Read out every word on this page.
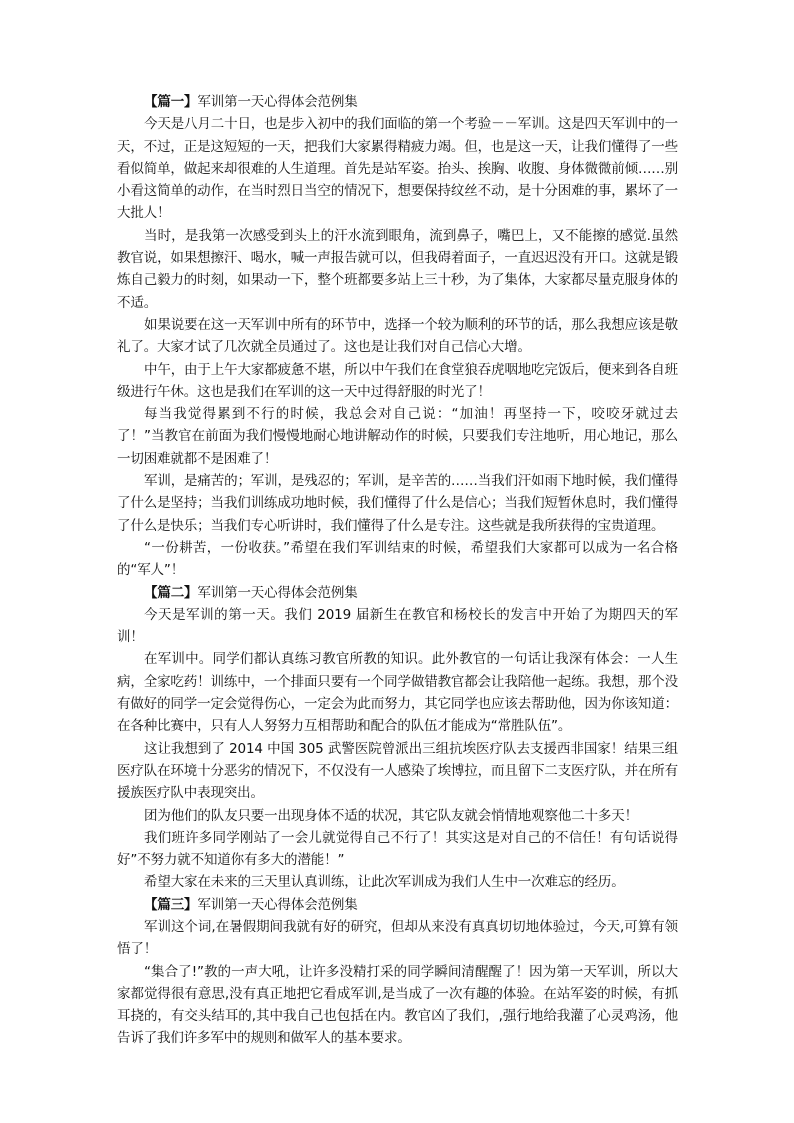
【篇一】军训第一天心得体会范例集

今天是八月二十日，也是步入初中的我们面临的第一个考验－－军训。这是四天军训中的一天，不过，正是这短短的一天，把我们大家累得精疲力竭。但，也是这一天，让我们懂得了一些看似简单，做起来却很难的人生道理。首先是站军姿。抬头、挨胸、收腹、身体微微前倾……别小看这简单的动作，在当时烈日当空的情况下，想要保持纹丝不动，是十分困难的事，累坏了一大批人！

当时，是我第一次感受到头上的汗水流到眼角，流到鼻子，嘴巴上，又不能擦的感觉.虽然教官说，如果想擦汗、喝水，喊一声报告就可以，但我碍着面子，一直迟迟没有开口。这就是锻炼自己毅力的时刻，如果动一下，整个班都要多站上三十秒，为了集体，大家都尽量克服身体的不适。

如果说要在这一天军训中所有的环节中，选择一个较为顺利的环节的话，那么我想应该是敬礼了。大家才试了几次就全员通过了。这也是让我们对自己信心大增。

中午，由于上午大家都疲惫不堪，所以中午我们在食堂狼吞虎咽地吃完饭后，便来到各自班级进行午休。这也是我们在军训的这一天中过得舒服的时光了！

每当我觉得累到不行的时候，我总会对自己说：“加油！再坚持一下，咬咬牙就过去了！”当教官在前面为我们慢慢地耐心地讲解动作的时候，只要我们专注地听，用心地记，那么一切困难就都不是困难了！

军训，是痛苦的；军训，是残忍的；军训，是辛苦的……当我们汗如雨下地时候，我们懂得了什么是坚持；当我们训练成功地时候，我们懂得了什么是信心；当我们短暂休息时，我们懂得了什么是快乐；当我们专心听讲时，我们懂得了什么是专注。这些就是我所获得的宝贵道理。

“一份耕苦，一份收获。”希望在我们军训结束的时候，希望我们大家都可以成为一名合格的“军人”！

【篇二】军训第一天心得体会范例集

今天是军训的第一天。我们 2019 届新生在教官和杨校长的发言中开始了为期四天的军训！

在军训中。同学们都认真练习教官所教的知识。此外教官的一句话让我深有体会：一人生病，全家吃药！训练中，一个排面只要有一个同学做错教官都会让我陪他一起练。我想，那个没有做好的同学一定会觉得伤心，一定会为此而努力，其它同学也应该去帮助他，因为你该知道：在各种比赛中，只有人人努努力互相帮助和配合的队伍才能成为“常胜队伍”。

这让我想到了 2014 中国 305 武警医院曾派出三组抗埃医疗队去支援西非国家！结果三组医疗队在环境十分恶劣的情况下，不仅没有一人感染了埃博拉，而且留下二支医疗队，并在所有援族医疗队中表现突出。

团为他们的队友只要一出现身体不适的状况，其它队友就会悄情地观察他二十多天！

我们班许多同学刚站了一会儿就觉得自己不行了！其实这是对自己的不信任！有句话说得好”不努力就不知道你有多大的潜能！”

希望大家在未来的三天里认真训练，让此次军训成为我们人生中一次难忘的经历。

【篇三】军训第一天心得体会范例集

军训这个词,在暑假期间我就有好的研究，但却从来没有真真切切地体验过，今天,可算有领悟了！

“集合了!”教的一声大吼，让许多没精打采的同学瞬间清醒醒了！因为第一天军训，所以大家都觉得很有意思,没有真正地把它看成军训,是当成了一次有趣的体验。在站军姿的时候，有抓耳挠的，有交头结耳的,其中我自己也包括在内。教官凶了我们，,强行地给我灌了心灵鸡汤，他告诉了我们许多军中的规则和做军人的基本要求。
